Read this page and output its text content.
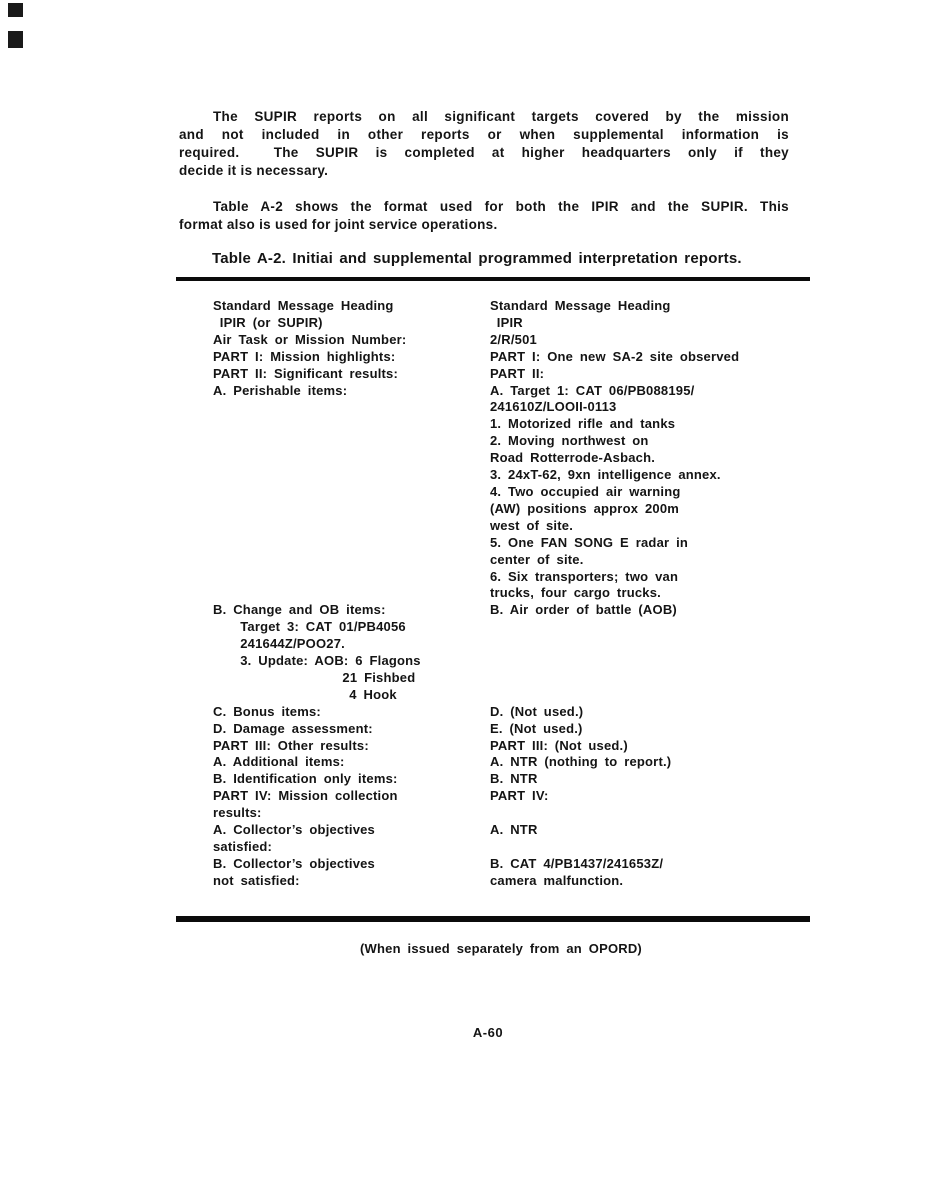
The SUPIR reports on all significant targets covered by the mission
and not included in other reports or when supplemental information is
required.  The SUPIR is completed at higher headquarters only if they
decide it is necessary.
Table A-2 shows the format used for both the IPIR and the SUPIR. This
format also is used for joint service operations.
Table A-2. Initiai and supplemental programmed interpretation reports.
Standard Message Heading	Standard Message Heading
IPIR (or SUPIR)	IPIR
Air Task or Mission Number:	2/R/501
PART I: Mission highlights:	PART I: One new SA-2 site observed
PART II: Significant results:	PART II:
A. Perishable items:	A. Target 1: CAT 06/PB088195/
241610Z/LOOII-0113
1. Motorized rifle and tanks
2. Moving northwest on
Road Rotterrode-Asbach.
3. 24xT-62, 9xn intelligence annex.
4. Two occupied air warning
(AW) positions approx 200m
west of site.
5. One FAN SONG E radar in
center of site.
6. Six transporters; two van
trucks, four cargo trucks.
B. Change and OB items:	B. Air order of battle (AOB)
Target 3: CAT 01/PB4056
241644Z/POO27.
3. Update: AOB: 6 Flagons
21 Fishbed
4 Hook
C. Bonus items:	D. (Not used.)
D. Damage assessment:	E. (Not used.)
PART III: Other results:	PART III: (Not used.)
A. Additional items:	A. NTR (nothing to report.)
B. Identification only items:	B. NTR
PART IV: Mission collection	PART IV:
results:
A. Collector’s objectives	A. NTR
satisfied:
B. Collector’s objectives	B. CAT 4/PB1437/241653Z/
not satisfied:	camera malfunction.
(When issued separately from an OPORD)
A-60
